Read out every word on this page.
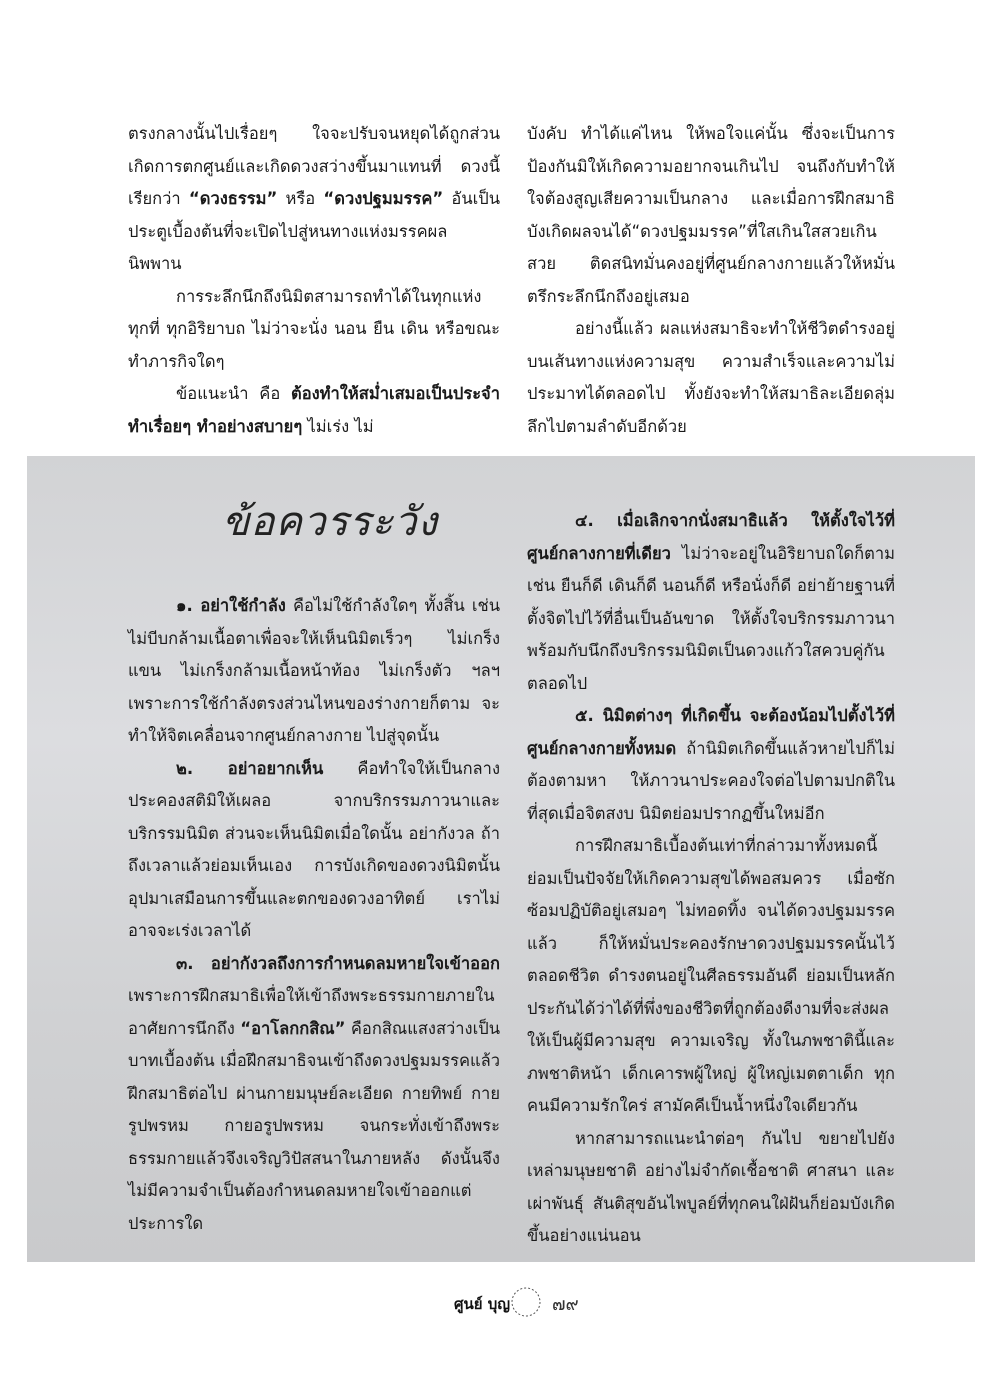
ตรงกลางนั้นไปเรื่อยๆ ใจจะปรับจนหยุดได้ถูกส่วน เกิดการตกศูนย์และเกิดดวงสว่างขึ้นมาแทนที่ ดวงนี้เรียกว่า “ดวงธรรม” หรือ “ดวงปฐมมรรค” อันเป็นประตูเบื้องต้นที่จะเปิดไปสู่หนทางแห่งมรรคผลนิพพาน

การระลึกนึกถึงนิมิตสามารถทำได้ในทุกแห่งทุกที่ ทุกอิริยาบถ ไม่ว่าจะนั่ง นอน ยืน เดิน หรือขณะทำภารกิจใดๆ

ข้อแนะนำ คือ ต้องทำให้สม่ำเสมอเป็นประจำ ทำเรื่อยๆ ทำอย่างสบายๆ ไม่เร่ง ไม่

บังคับ ทำได้แค่ไหน ให้พอใจแค่นั้น ซึ่งจะเป็นการป้องกันมิให้เกิดความอยากจนเกินไป จนถึงกับทำให้ใจต้องสูญเสียความเป็นกลาง และเมื่อการฝึกสมาธิบังเกิดผลจนได้“ดวงปฐมมรรค”ที่ใสเกินใสสวยเกินสวย ติดสนิทมั่นคงอยู่ที่ศูนย์กลางกายแล้วให้หมั่นตรึกระลึกนึกถึงอยู่เสมอ

อย่างนี้แล้ว ผลแห่งสมาธิจะทำให้ชีวิตดำรงอยู่บนเส้นทางแห่งความสุข ความสำเร็จและความไม่ประมาทได้ตลอดไป ทั้งยังจะทำให้สมาธิละเอียดลุ่มลึกไปตามลำดับอีกด้วย

ข้อควรระวัง

๑. อย่าใช้กำลัง คือไม่ใช้กำลังใดๆ ทั้งสิ้น เช่น ไม่บีบกล้ามเนื้อตาเพื่อจะให้เห็นนิมิตเร็วๆ ไม่เกร็งแขน ไม่เกร็งกล้ามเนื้อหน้าท้อง ไม่เกร็งตัว ฯลฯ เพราะการใช้กำลังตรงส่วนไหนของร่างกายก็ตาม จะทำให้จิตเคลื่อนจากศูนย์กลางกาย ไปสู่จุดนั้น

๒. อย่าอยากเห็น คือทำใจให้เป็นกลาง ประคองสติมิให้เผลอ จากบริกรรมภาวนาและบริกรรมนิมิต ส่วนจะเห็นนิมิตเมื่อใดนั้น อย่ากังวล ถ้าถึงเวลาแล้วย่อมเห็นเอง การบังเกิดของดวงนิมิตนั้นอุปมาเสมือนการขึ้นและตกของดวงอาทิตย์ เราไม่อาจจะเร่งเวลาได้

๓. อย่ากังวลถึงการกำหนดลมหายใจเข้าออก เพราะการฝึกสมาธิเพื่อให้เข้าถึงพระธรรมกายภายใน อาศัยการนึกถึง “อาโลกกสิณ” คือกสิณแสงสว่างเป็นบาทเบื้องต้น เมื่อฝึกสมาธิจนเข้าถึงดวงปฐมมรรคแล้ว ฝึกสมาธิต่อไป ผ่านกายมนุษย์ละเอียด กายทิพย์ กายรูปพรหม กายอรูปพรหม จนกระทั่งเข้าถึงพระธรรมกายแล้วจึงเจริญวิปัสสนาในภายหลัง ดังนั้นจึงไม่มีความจำเป็นต้องกำหนดลมหายใจเข้าออกแต่ประการใด

๔. เมื่อเลิกจากนั่งสมาธิแล้ว ให้ตั้งใจไว้ที่ศูนย์กลางกายที่เดียว ไม่ว่าจะอยู่ในอิริยาบถใดก็ตาม เช่น ยืนก็ดี เดินก็ดี นอนก็ดี หรือนั่งก็ดี อย่าย้ายฐานที่ตั้งจิตไปไว้ที่อื่นเป็นอันขาด ให้ตั้งใจบริกรรมภาวนา พร้อมกับนึกถึงบริกรรมนิมิตเป็นดวงแก้วใสควบคู่กันตลอดไป

๕. นิมิตต่างๆ ที่เกิดขึ้น จะต้องน้อมไปตั้งไว้ที่ศูนย์กลางกายทั้งหมด ถ้านิมิตเกิดขึ้นแล้วหายไปก็ไม่ต้องตามหา ให้ภาวนาประคองใจต่อไปตามปกติในที่สุดเมื่อจิตสงบ นิมิตย่อมปรากฏขึ้นใหม่อีก

การฝึกสมาธิเบื้องต้นเท่าที่กล่าวมาทั้งหมดนี้ย่อมเป็นปัจจัยให้เกิดความสุขได้พอสมควร เมื่อซักซ้อมปฏิบัติอยู่เสมอๆ ไม่ทอดทิ้ง จนได้ดวงปฐมมรรคแล้ว ก็ให้หมั่นประคองรักษาดวงปฐมมรรคนั้นไว้ตลอดชีวิต ดำรงตนอยู่ในศีลธรรมอันดี ย่อมเป็นหลักประกันได้ว่าได้ที่พึ่งของชีวิตที่ถูกต้องดีงามที่จะส่งผลให้เป็นผู้มีความสุข ความเจริญ ทั้งในภพชาตินี้และภพชาติหน้า เด็กเคารพผู้ใหญ่ ผู้ใหญ่เมตตาเด็ก ทุกคนมีความรักใคร่ สามัคคีเป็นน้ำหนึ่งใจเดียวกัน

หากสามารถแนะนำต่อๆ กันไป ขยายไปยังเหล่ามนุษยชาติ อย่างไม่จำกัดเชื้อชาติ ศาสนา และเผ่าพันธุ์ สันติสุขอันไพบูลย์ที่ทุกคนใฝ่ฝันก็ย่อมบังเกิดขึ้นอย่างแน่นอน

ศูนย์ บุญ ๗๙
